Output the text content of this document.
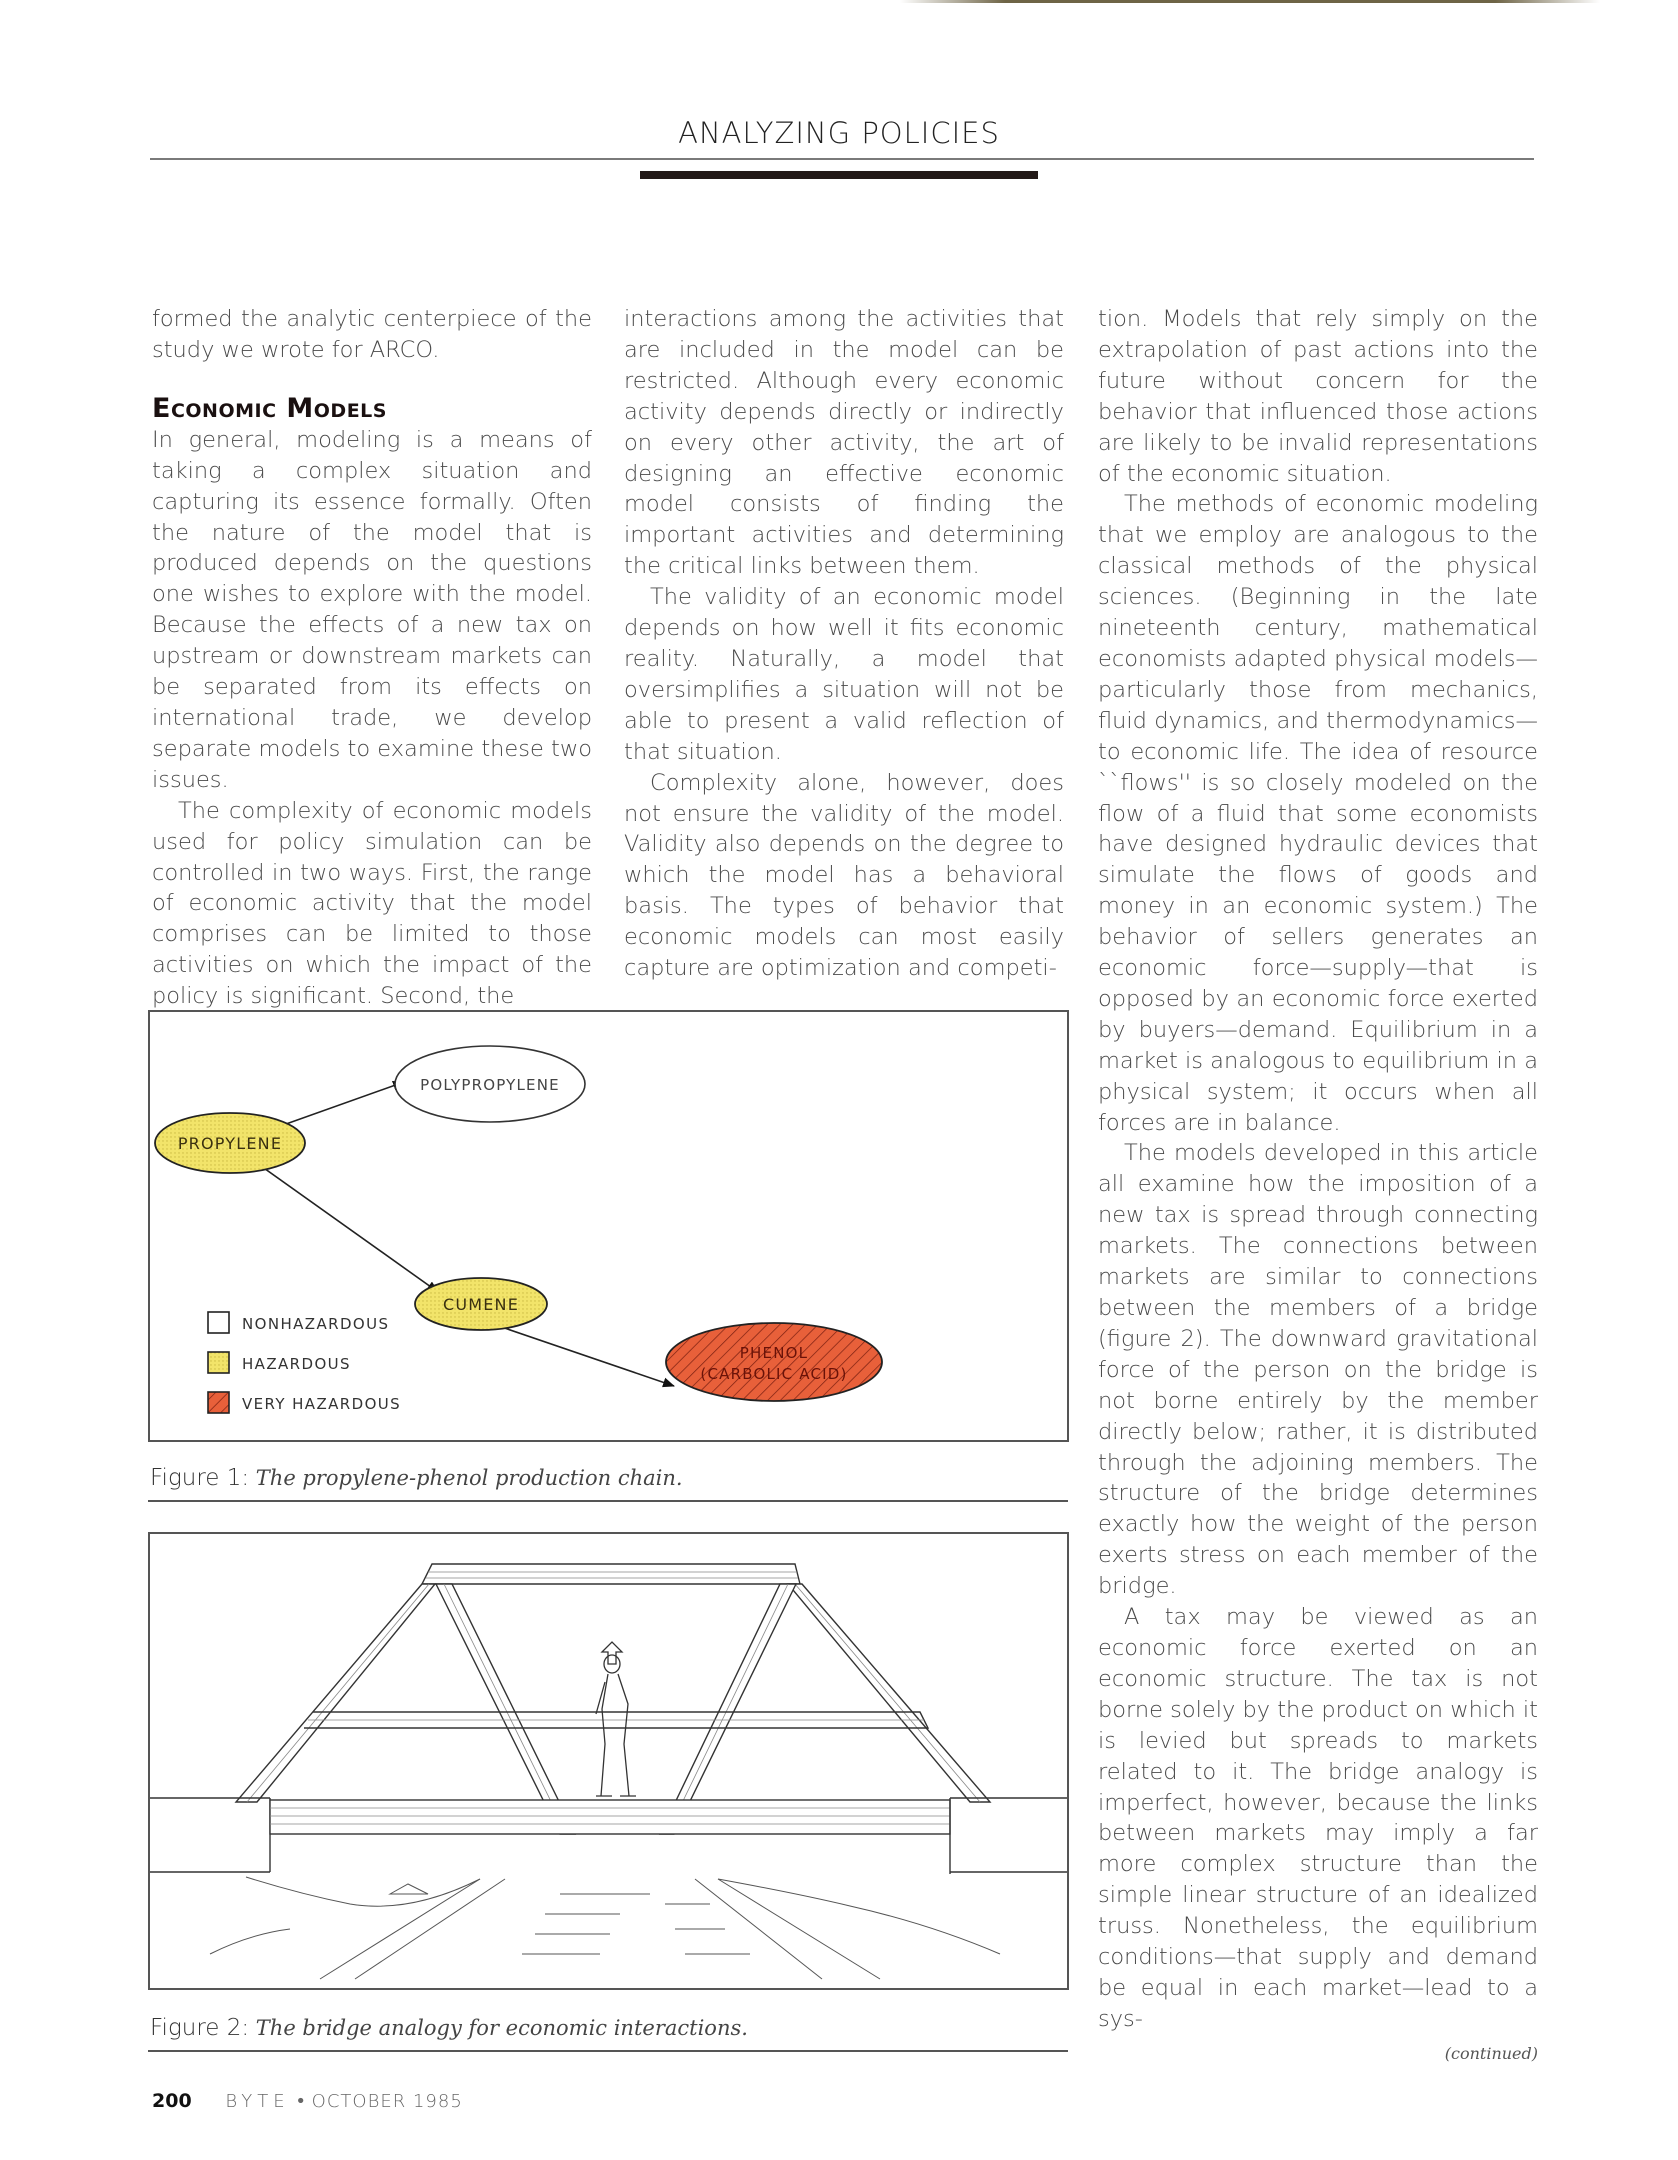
ANALYZING POLICIES

formed the analytic centerpiece of the study we wrote for ARCO.

Economic Models

In general, modeling is a means of taking a complex situation and capturing its essence formally. Often the nature of the model that is produced depends on the questions one wishes to explore with the model. Because the effects of a new tax on upstream or downstream markets can be separated from its effects on international trade, we develop separate models to examine these two issues.

The complexity of economic models used for policy simulation can be controlled in two ways. First, the range of economic activity that the model comprises can be limited to those activities on which the impact of the policy is significant. Second, the

interactions among the activities that are included in the model can be restricted. Although every economic activity depends directly or indirectly on every other activity, the art of designing an effective economic model consists of finding the important activities and determining the critical links between them.

The validity of an economic model depends on how well it fits economic reality. Naturally, a model that oversimplifies a situation will not be able to present a valid reflection of that situation.

Complexity alone, however, does not ensure the validity of the model. Validity also depends on the degree to which the model has a behavioral basis. The types of behavior that economic models can most easily capture are optimization and competi-

tion. Models that rely simply on the extrapolation of past actions into the future without concern for the behavior that influenced those actions are likely to be invalid representations of the economic situation.

The methods of economic modeling that we employ are analogous to the classical methods of the physical sciences. (Beginning in the late nineteenth century, mathematical economists adapted physical models—particularly those from mechanics, fluid dynamics, and thermodynamics—to economic life. The idea of resource ``flows'' is so closely modeled on the flow of a fluid that some economists have designed hydraulic devices that simulate the flows of goods and money in an economic system.) The behavior of sellers generates an economic force—supply—that is opposed by an economic force exerted by buyers—demand. Equilibrium in a market is analogous to equilibrium in a physical system; it occurs when all forces are in balance.

The models developed in this article all examine how the imposition of a new tax is spread through connecting markets. The connections between markets are similar to connections between the members of a bridge (figure 2). The downward gravitational force of the person on the bridge is not borne entirely by the member directly below; rather, it is distributed through the adjoining members. The structure of the bridge determines exactly how the weight of the person exerts stress on each member of the bridge.

A tax may be viewed as an economic force exerted on an economic structure. The tax is not borne solely by the product on which it is levied but spreads to markets related to it. The bridge analogy is imperfect, however, because the links between markets may imply a far more complex structure than the simple linear structure of an idealized truss. Nonetheless, the equilibrium conditions—that supply and demand be equal in each market—lead to a sys-

(continued)
POLYPROPYLENE
PROPYLENE
CUMENE
PHENOL
(CARBOLIC ACID)
NONHAZARDOUS
HAZARDOUS
VERY HAZARDOUS
Figure 1: The propylene-phenol production chain.
Figure 2: The bridge analogy for economic interactions.
200 BYTE • OCTOBER 1985
